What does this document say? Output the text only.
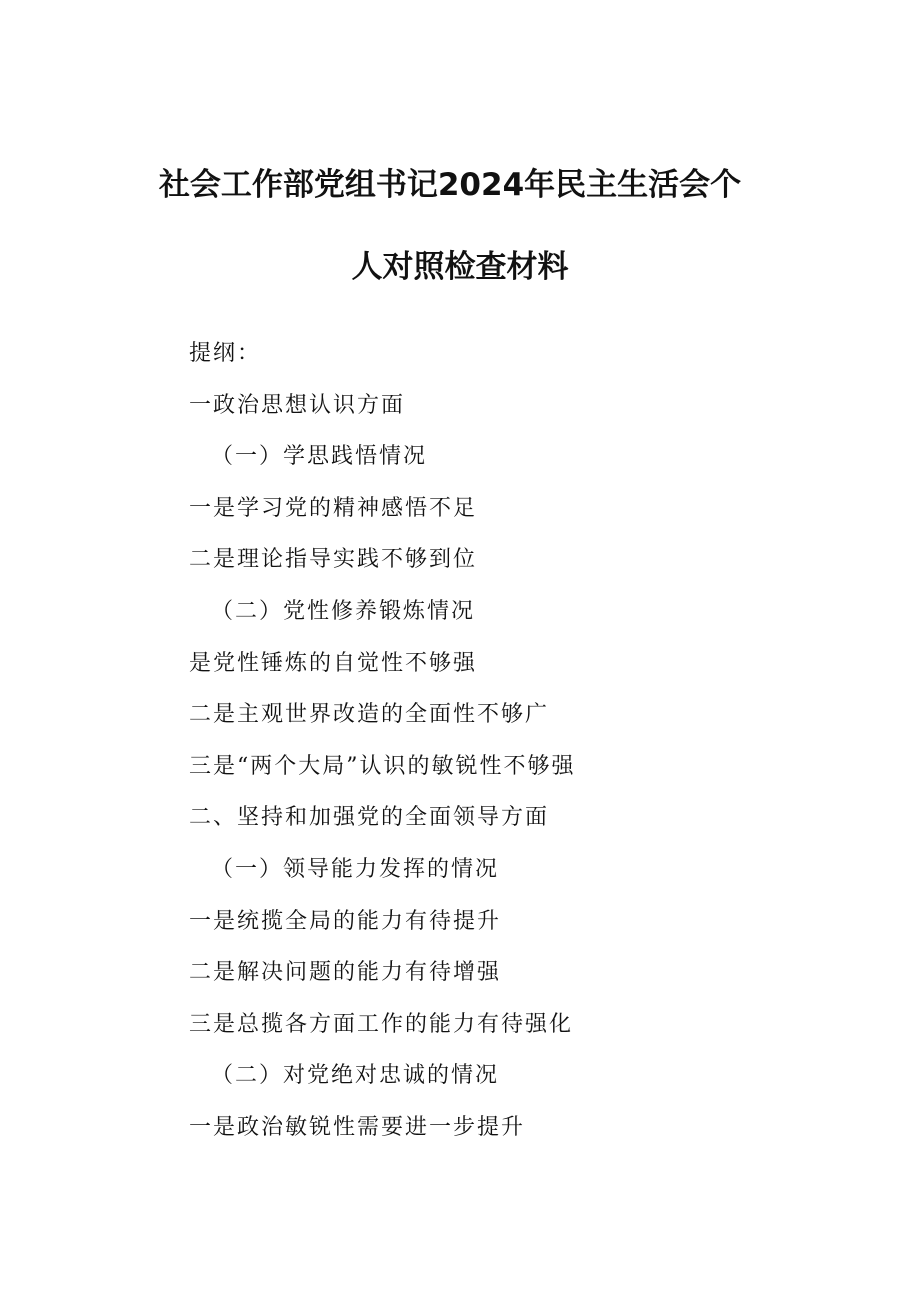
社会工作部党组书记2024年民主生活会个
人对照检查材料
提纲：
一政治思想认识方面
（一）学思践悟情况
一是学习党的精神感悟不足
二是理论指导实践不够到位
（二）党性修养锻炼情况
是党性锤炼的自觉性不够强
二是主观世界改造的全面性不够广
三是“两个大局”认识的敏锐性不够强
二、坚持和加强党的全面领导方面
（一）领导能力发挥的情况
一是统揽全局的能力有待提升
二是解决问题的能力有待增强
三是总揽各方面工作的能力有待强化
（二）对党绝对忠诚的情况
一是政治敏锐性需要进一步提升
